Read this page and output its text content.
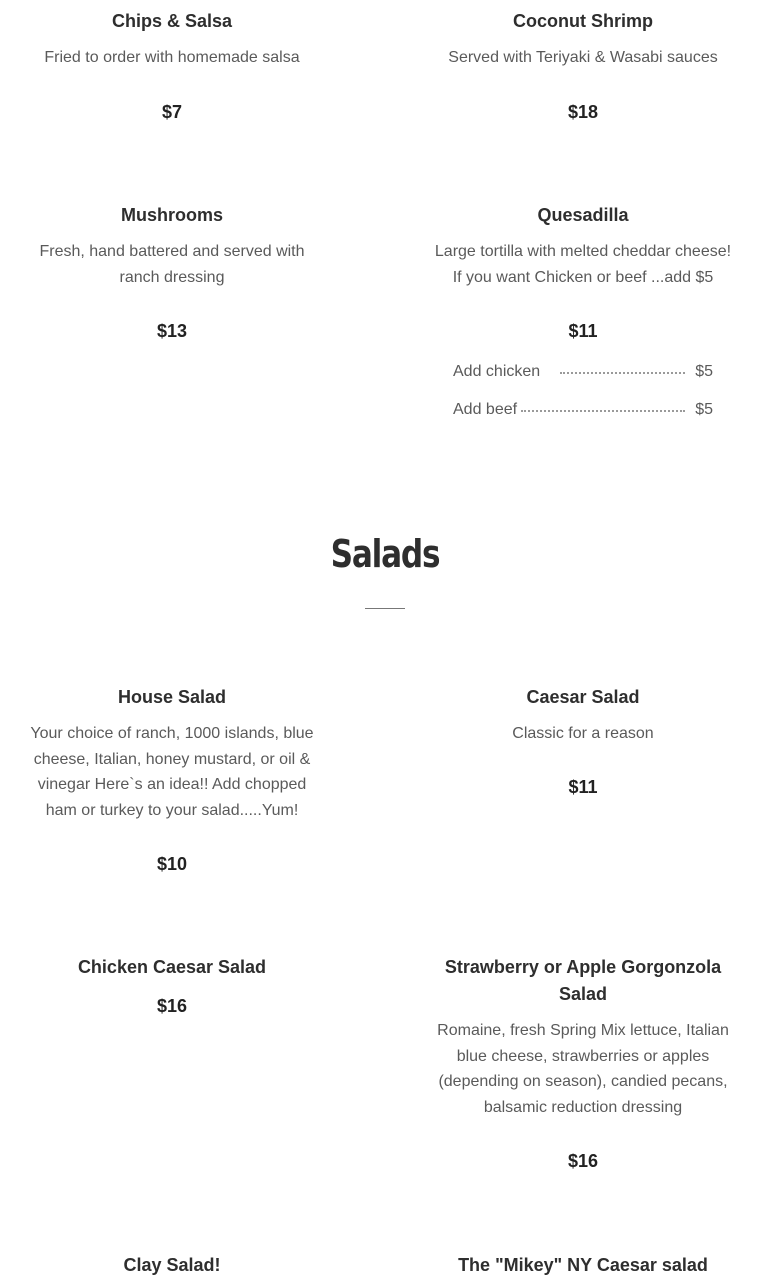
Chips & Salsa

Fried to order with homemade salsa

$7

Coconut Shrimp

Served with Teriyaki & Wasabi sauces

$18

Mushrooms

Fresh, hand battered and served with ranch dressing

$13

Quesadilla

Large tortilla with melted cheddar cheese! If you want Chicken or beef ...add $5

$11

Add chicken	$5
Add beef	$5
Salads

House Salad

Your choice of ranch, 1000 islands, blue cheese, Italian, honey mustard, or oil & vinegar Here`s an idea!! Add chopped ham or turkey to your salad.....Yum!

$10

Caesar Salad

Classic for a reason

$11

Chicken Caesar Salad

$16

Strawberry or Apple Gorgonzola Salad

Romaine, fresh Spring Mix lettuce, Italian blue cheese, strawberries or apples (depending on season), candied pecans, balsamic reduction dressing

$16

Clay Salad!	The "Mikey" NY Caesar salad
